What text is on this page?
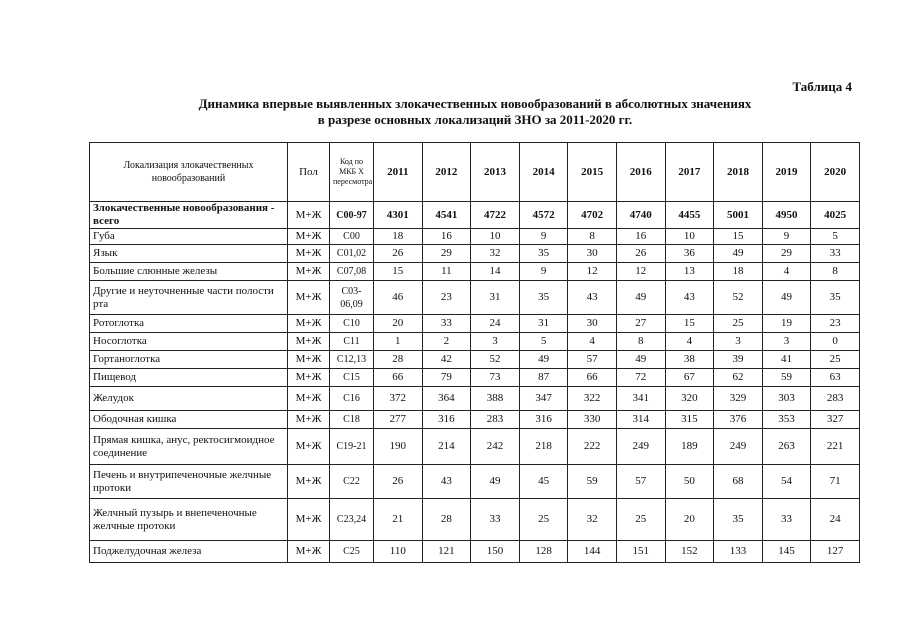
Таблица 4
Динамика впервые выявленных злокачественных новообразований в абсолютных значениях
в разрезе основных локализаций ЗНО за 2011-2020 гг.
Локализация злокачественных новообразований	Пол	Код по МКБ X пересмотра	2011	2012	2013	2014	2015	2016	2017	2018	2019	2020
Злокачественные новообразования - всего	М+Ж	C00-97	4301	4541	4722	4572	4702	4740	4455	5001	4950	4025
Губа	М+Ж	C00	18	16	10	9	8	16	10	15	9	5
Язык	М+Ж	C01,02	26	29	32	35	30	26	36	49	29	33
Большие слюнные железы	М+Ж	C07,08	15	11	14	9	12	12	13	18	4	8
Другие и неуточненные части полости рта	М+Ж	C03-06,09	46	23	31	35	43	49	43	52	49	35
Ротоглотка	М+Ж	C10	20	33	24	31	30	27	15	25	19	23
Носоглотка	М+Ж	C11	1	2	3	5	4	8	4	3	3	0
Гортаноглотка	М+Ж	C12,13	28	42	52	49	57	49	38	39	41	25
Пищевод	М+Ж	C15	66	79	73	87	66	72	67	62	59	63
Желудок	М+Ж	C16	372	364	388	347	322	341	320	329	303	283
Ободочная кишка	М+Ж	C18	277	316	283	316	330	314	315	376	353	327
Прямая кишка, анус, ректосигмоидное соединение	М+Ж	C19-21	190	214	242	218	222	249	189	249	263	221
Печень и внутрипеченочные желчные протоки	М+Ж	C22	26	43	49	45	59	57	50	68	54	71
Желчный пузырь и внепеченочные желчные протоки	М+Ж	C23,24	21	28	33	25	32	25	20	35	33	24
Поджелудочная железа	М+Ж	C25	110	121	150	128	144	151	152	133	145	127
